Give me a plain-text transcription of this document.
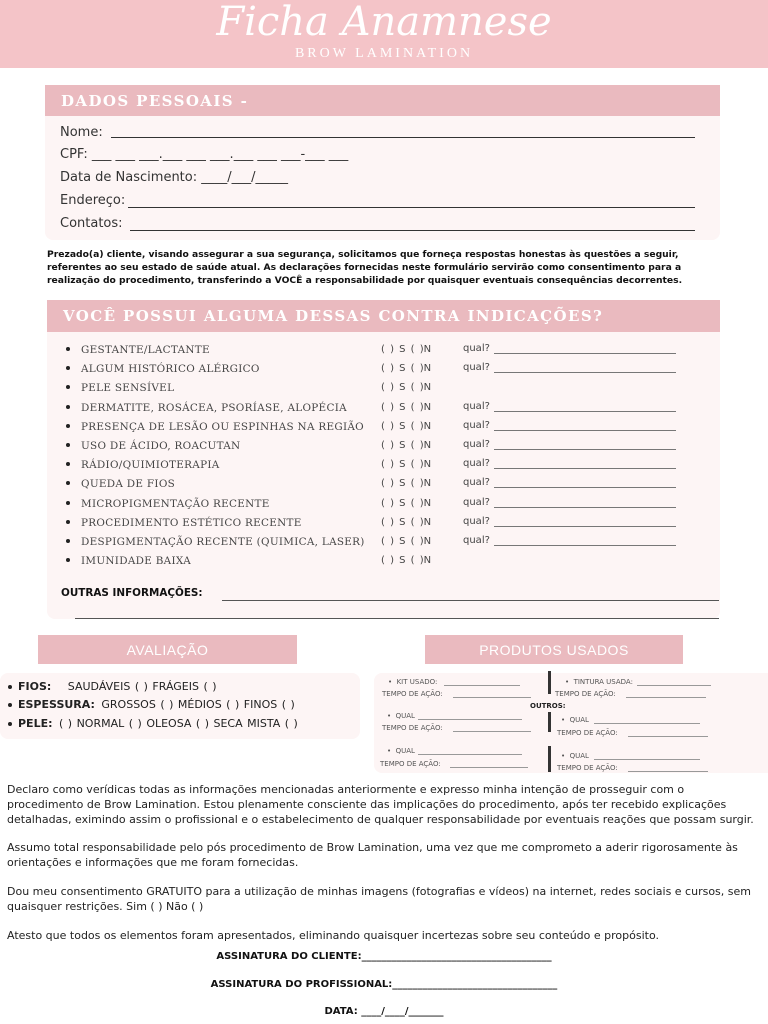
Ficha Anamnese
BROW LAMINATION
DADOS PESSOAIS -
Nome:
CPF: ___ ___ ___.___ ___ ___.___ ___ ___-___ ___
Data de Nascimento: ____/___/_____
Endereço:
Contatos:
Prezado(a) cliente, visando assegurar a sua segurança, solicitamos que forneça respostas honestas às questões a seguir, referentes ao seu estado de saúde atual. As declarações fornecidas neste formulário servirão como consentimento para a realização do procedimento, transferindo a VOCÊ a responsabilidade por quaisquer eventuais consequências decorrentes.
VOCÊ POSSUI ALGUMA DESSAS CONTRA INDICAÇÕES?
GESTANTE/LACTANTE	( ) S ( )N	qual?
ALGUM HISTÓRICO ALÉRGICO	( ) S ( )N	qual?
PELE SENSÍVEL	( ) S ( )N
DERMATITE, ROSÁCEA, PSORÍASE, ALOPÉCIA	( ) S ( )N	qual?
PRESENÇA DE LESÃO OU ESPINHAS NA REGIÃO ( ) S ( )N	qual?
USO DE ÁCIDO, ROACUTAN	( ) S ( )N	qual?
RÁDIO/QUIMIOTERAPIA	( ) S ( )N	qual?
QUEDA DE FIOS	( ) S ( )N	qual?
MICROPIGMENTAÇÃO RECENTE	( ) S ( )N	qual?
PROCEDIMENTO ESTÉTICO RECENTE	( ) S ( )N	qual?
DESPIGMENTAÇÃO RECENTE (QUIMICA, LASER) ( ) S ( )N	qual?
IMUNIDADE BAIXA	( ) S ( )N
OUTRAS INFORMAÇÕES:
AVALIAÇÃO
FIOS: SAUDÁVEIS ( ) FRÁGEIS ( )
ESPESSURA: GROSSOS ( ) MÉDIOS ( ) FINOS ( )
PELE: ( ) NORMAL ( ) OLEOSA ( ) SECA MISTA ( )
PRODUTOS USADOS
•  KIT USADO:
TEMPO DE AÇÃO:
•  QUAL
TEMPO DE AÇÃO:
•  QUAL
TEMPO DE AÇÃO:
OUTROS:
•  TINTURA USADA:
TEMPO DE AÇÃO:
•  QUAL
TEMPO DE AÇÃO:
•  QUAL
TEMPO DE AÇÃO:
Declaro como verídicas todas as informações mencionadas anteriormente e expresso minha intenção de prosseguir com o procedimento de Brow Lamination. Estou plenamente consciente das implicações do procedimento, após ter recebido explicações detalhadas, eximindo assim o profissional e o estabelecimento de qualquer responsabilidade por eventuais reações que possam surgir.
Assumo total responsabilidade pelo pós procedimento de Brow Lamination, uma vez que me comprometo a aderir rigorosamente às orientações e informações que me foram fornecidas.
Dou meu consentimento GRATUITO para a utilização de minhas imagens (fotografias e vídeos) na internet, redes sociais e cursos, sem quaisquer restrições. Sim ( ) Não ( )
Atesto que todos os elementos foram apresentados, eliminando quaisquer incertezas sobre seu conteúdo e propósito.
ASSINATURA DO CLIENTE:______________________________________
ASSINATURA DO PROFISSIONAL:_________________________________
DATA: ____/____/_______
